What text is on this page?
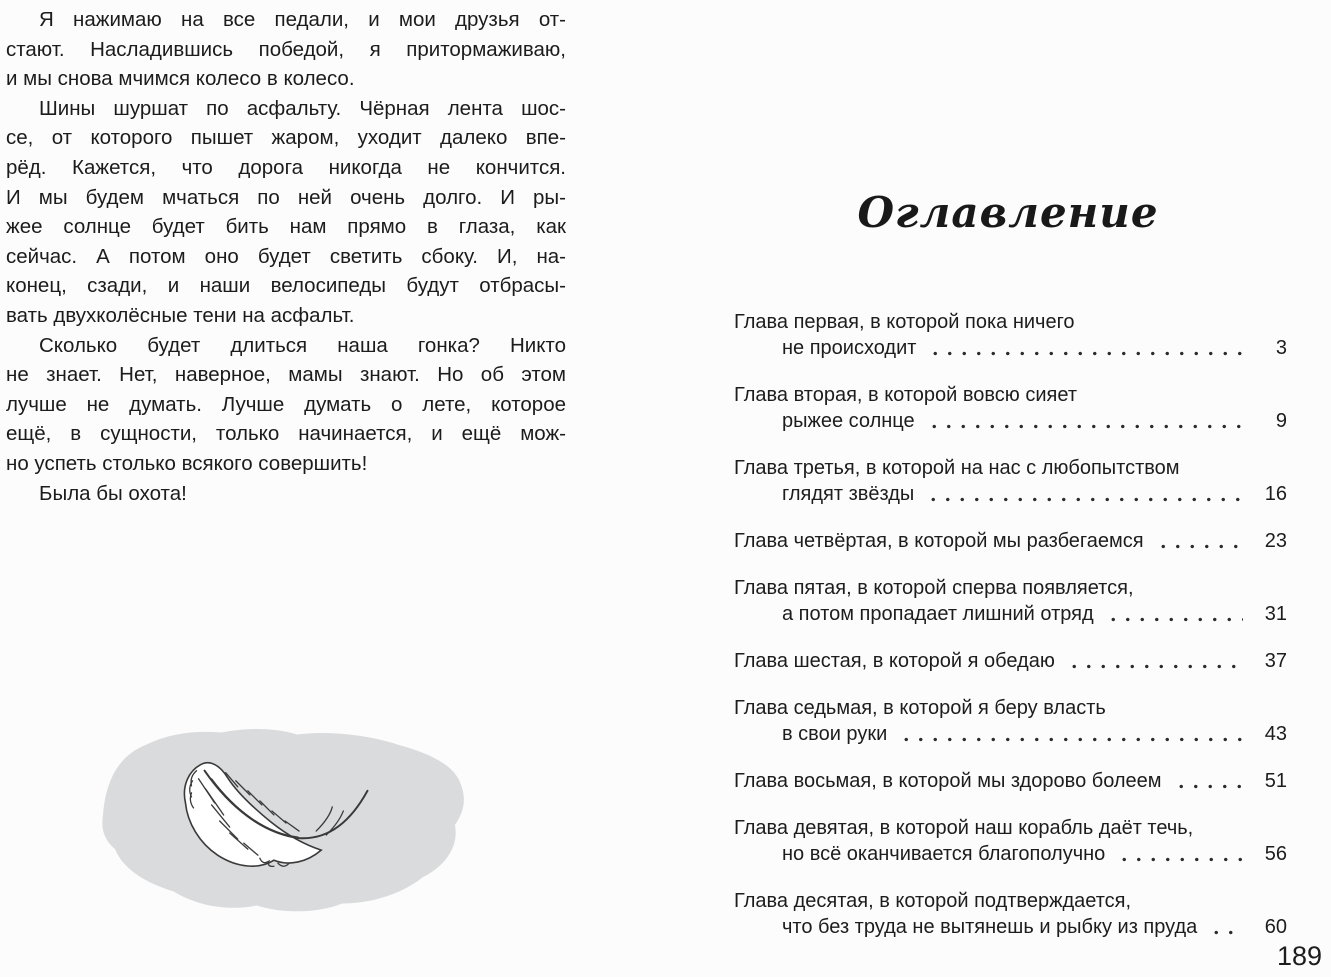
Я нажимаю на все педали, и мои друзья от-
стают. Насладившись победой, я притормаживаю,
и мы снова мчимся колесо в колесо.
Шины шуршат по асфальту. Чёрная лента шос-
се, от которого пышет жаром, уходит далеко впе-
рёд. Кажется, что дорога никогда не кончится.
И мы будем мчаться по ней очень долго. И ры-
жее солнце будет бить нам прямо в глаза, как
сейчас. А потом оно будет светить сбоку. И, на-
конец, сзади, и наши велосипеды будут отбрасы-
вать двухколёсные тени на асфальт.
Сколько будет длиться наша гонка? Никто
не знает. Нет, наверное, мамы знают. Но об этом
лучше не думать. Лучше думать о лете, которое
ещё, в сущности, только начинается, и ещё мож-
но успеть столько всякого совершить!
Была бы охота!
Оглавление
Глава первая, в которой пока ничего
не происходит	3
Глава вторая, в которой вовсю сияет
рыжее солнце	9
Глава третья, в которой на нас с любопытством
глядят звёзды	16
Глава четвёртая, в которой мы разбегаемся	23
Глава пятая, в которой сперва появляется,
а потом пропадает лишний отряд	31
Глава шестая, в которой я обедаю	37
Глава седьмая, в которой я беру власть
в свои руки	43
Глава восьмая, в которой мы здорово болеем	51
Глава девятая, в которой наш корабль даёт течь,
но всё оканчивается благополучно	56
Глава десятая, в которой подтверждается,
что без труда не вытянешь и рыбку из пруда	60
189
